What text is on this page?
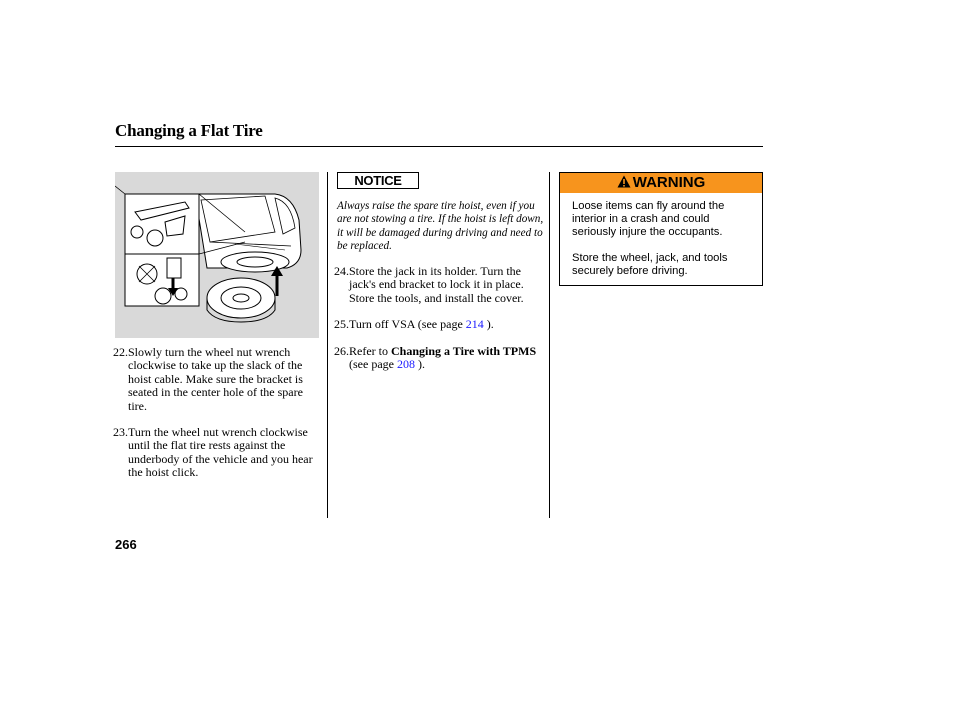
Changing a Flat Tire
22. Slowly turn the wheel nut wrench clockwise to take up the slack of the hoist cable. Make sure the bracket is seated in the center hole of the spare tire.
23. Turn the wheel nut wrench clockwise until the flat tire rests against the underbody of the vehicle and you hear the hoist click.
NOTICE
Always raise the spare tire hoist, even if you are not stowing a tire. If the hoist is left down, it will be damaged during driving and need to be replaced.
24. Store the jack in its holder. Turn the jack's end bracket to lock it in place. Store the tools, and install the cover.
25. Turn off VSA (see page 214 ).
26. Refer to Changing a Tire with TPMS (see page 208 ).
WARNING

Loose items can fly around the interior in a crash and could seriously injure the occupants.

Store the wheel, jack, and tools securely before driving.

266
